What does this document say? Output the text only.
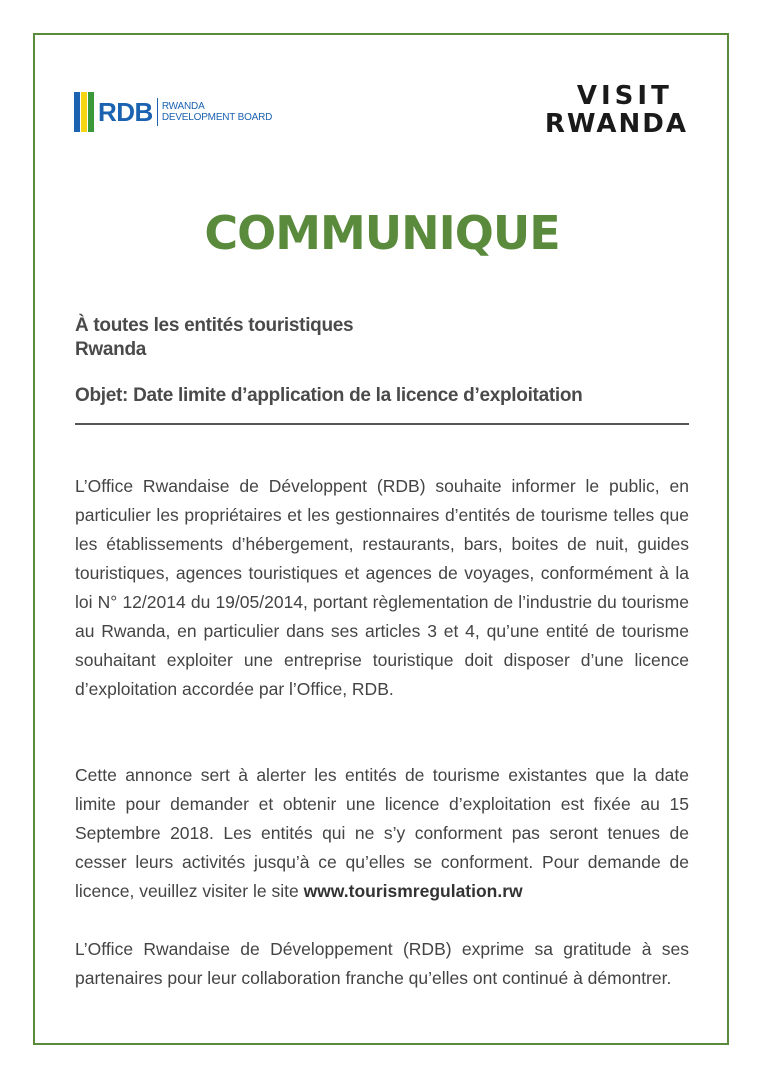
RDB RWANDA
DEVELOPMENT BOARD
VISIT
RWANDA
COMMUNIQUE
À toutes les entités touristiques
Rwanda
Objet: Date limite d’application de la licence d’exploitation
L’Office Rwandaise de Développent (RDB) souhaite informer le public, en particulier les propriétaires et les gestionnaires d’entités de tourisme telles que les établissements d’hébergement, restaurants, bars, boites de nuit, guides touristiques, agences touristiques et agences de voyages, conformément à la loi N° 12/2014 du 19/05/2014, portant règlementation de l’industrie du tourisme au Rwanda, en particulier dans ses articles 3 et 4, qu’une entité de tourisme souhaitant exploiter une entreprise touristique doit disposer d’une licence d’exploitation accordée par l’Office, RDB.
Cette annonce sert à alerter les entités de tourisme existantes que la date limite pour demander et obtenir une licence d’exploitation est fixée au 15 Septembre 2018. Les entités qui ne s’y conforment pas seront tenues de cesser leurs activités jusqu’à ce qu’elles se conforment. Pour demande de licence, veuillez visiter le site www.tourismregulation.rw
L’Office Rwandaise de Développement (RDB) exprime sa gratitude à ses partenaires pour leur collaboration franche qu’elles ont continué à démontrer.
